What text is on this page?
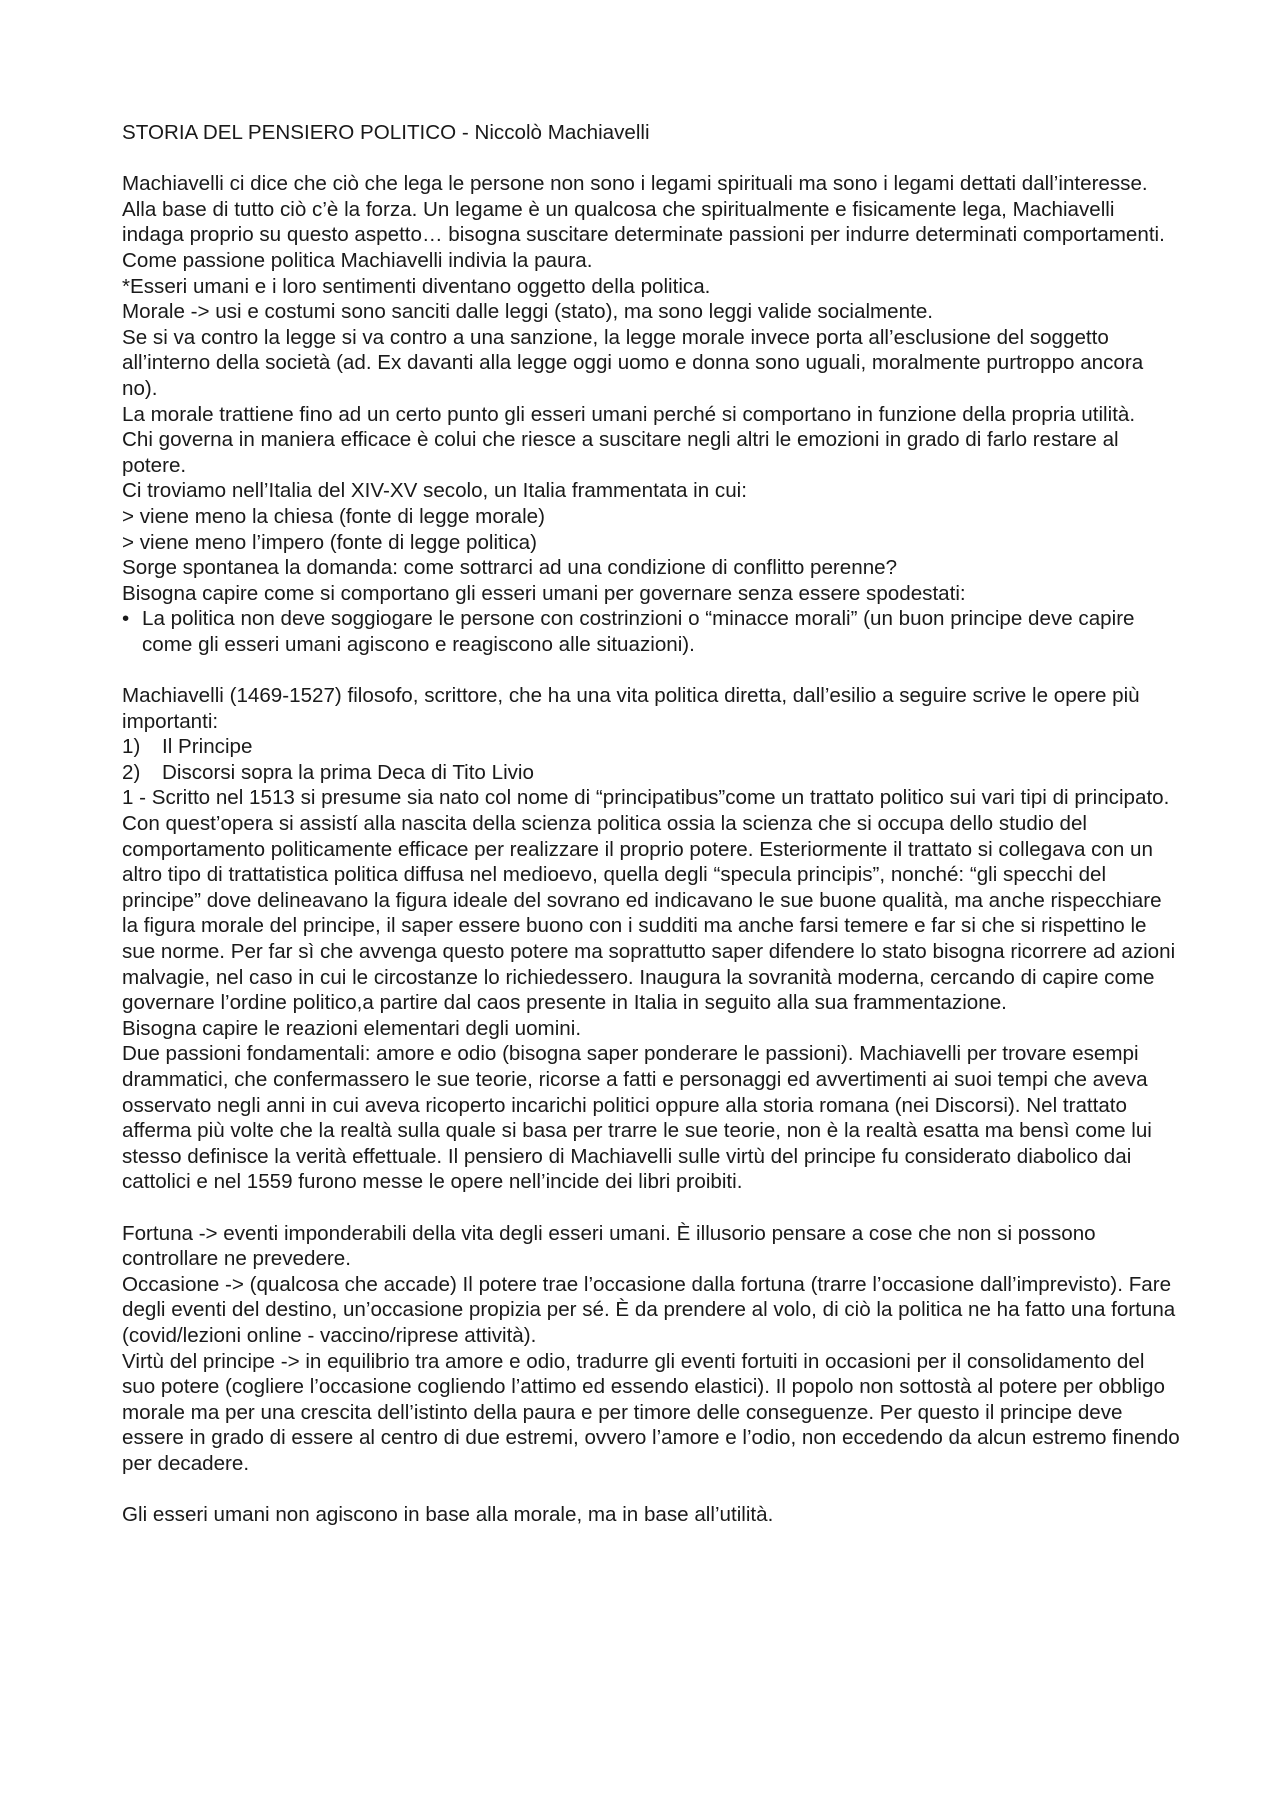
STORIA DEL PENSIERO POLITICO - Niccolò Machiavelli

Machiavelli ci dice che ciò che lega le persone non sono i legami spirituali ma sono i legami dettati dall’interesse. Alla base di tutto ciò c’è la forza. Un legame è un qualcosa che spiritualmente e fisicamente lega, Machiavelli indaga proprio su questo aspetto… bisogna suscitare determinate passioni per indurre determinati comportamenti. Come passione politica Machiavelli indivia la paura.

*Esseri umani e i loro sentimenti diventano oggetto della politica.

Morale -> usi e costumi sono sanciti dalle leggi (stato), ma sono leggi valide socialmente.

Se si va contro la legge si va contro a una sanzione, la legge morale invece porta all’esclusione del soggetto all’interno della società (ad. Ex davanti alla legge oggi uomo e donna sono uguali, moralmente purtroppo ancora no).

La morale trattiene fino ad un certo punto gli esseri umani perché si comportano in funzione della propria utilità.

Chi governa in maniera efficace è colui che riesce a suscitare negli altri le emozioni in grado di farlo restare al potere.

Ci troviamo nell’Italia del XIV-XV secolo, un Italia frammentata in cui:

> viene meno la chiesa (fonte di legge morale)

> viene meno l’impero (fonte di legge politica)

Sorge spontanea la domanda: come sottrarci ad una condizione di conflitto perenne?

Bisogna capire come si comportano gli esseri umani per governare senza essere spodestati:

• La politica non deve soggiogare le persone con costrinzioni o “minacce morali” (un buon principe deve capire come gli esseri umani agiscono e reagiscono alle situazioni).

Machiavelli (1469-1527) filosofo, scrittore, che ha una vita politica diretta, dall’esilio a seguire scrive le opere più importanti:

1)	Il Principe
2)	Discorsi sopra la prima Deca di Tito Livio

1 - Scritto nel 1513 si presume sia nato col nome di “principatibus”come un trattato politico sui vari tipi di principato. Con quest’opera si assistí alla nascita della scienza politica ossia la scienza che si occupa dello studio del comportamento politicamente efficace per realizzare il proprio potere. Esteriormente il trattato si collegava con un altro tipo di trattatistica politica diffusa nel medioevo, quella degli “specula principis”, nonché: “gli specchi del principe” dove delineavano la figura ideale del sovrano ed indicavano le sue buone qualità, ma anche rispecchiare la figura morale del principe, il saper essere buono con i sudditi ma anche farsi temere e far si che si rispettino le sue norme. Per far sì che avvenga questo potere ma soprattutto saper difendere lo stato bisogna ricorrere ad azioni malvagie, nel caso in cui le circostanze lo richiedessero. Inaugura la sovranità moderna, cercando di capire come governare l’ordine politico,a partire dal caos presente in Italia in seguito alla sua frammentazione.

Bisogna capire le reazioni elementari degli uomini.

Due passioni fondamentali: amore e odio (bisogna saper ponderare le passioni). Machiavelli per trovare esempi drammatici, che confermassero le sue teorie, ricorse a fatti e personaggi ed avvertimenti ai suoi tempi che aveva osservato negli anni in cui aveva ricoperto incarichi politici oppure alla storia romana (nei Discorsi). Nel trattato afferma più volte che la realtà sulla quale si basa per trarre le sue teorie, non è la realtà esatta ma bensì come lui stesso definisce la verità effettuale. Il pensiero di Machiavelli sulle virtù del principe fu considerato diabolico dai cattolici e nel 1559 furono messe le opere nell’incide dei libri proibiti.

Fortuna -> eventi imponderabili della vita degli esseri umani. È illusorio pensare a cose che non si possono controllare ne prevedere.

Occasione -> (qualcosa che accade) Il potere trae l’occasione dalla fortuna (trarre l’occasione dall’imprevisto). Fare degli eventi del destino, un’occasione propizia per sé. È da prendere al volo, di ciò la politica ne ha fatto una fortuna (covid/lezioni online - vaccino/riprese attività).

Virtù del principe -> in equilibrio tra amore e odio, tradurre gli eventi fortuiti in occasioni per il consolidamento del suo potere (cogliere l’occasione cogliendo l’attimo ed essendo elastici). Il popolo non sottostà al potere per obbligo morale ma per una crescita dell’istinto della paura e per timore delle conseguenze. Per questo il principe deve essere in grado di essere al centro di due estremi, ovvero l’amore e l’odio, non eccedendo da alcun estremo finendo per decadere.

Gli esseri umani non agiscono in base alla morale, ma in base all’utilità.
